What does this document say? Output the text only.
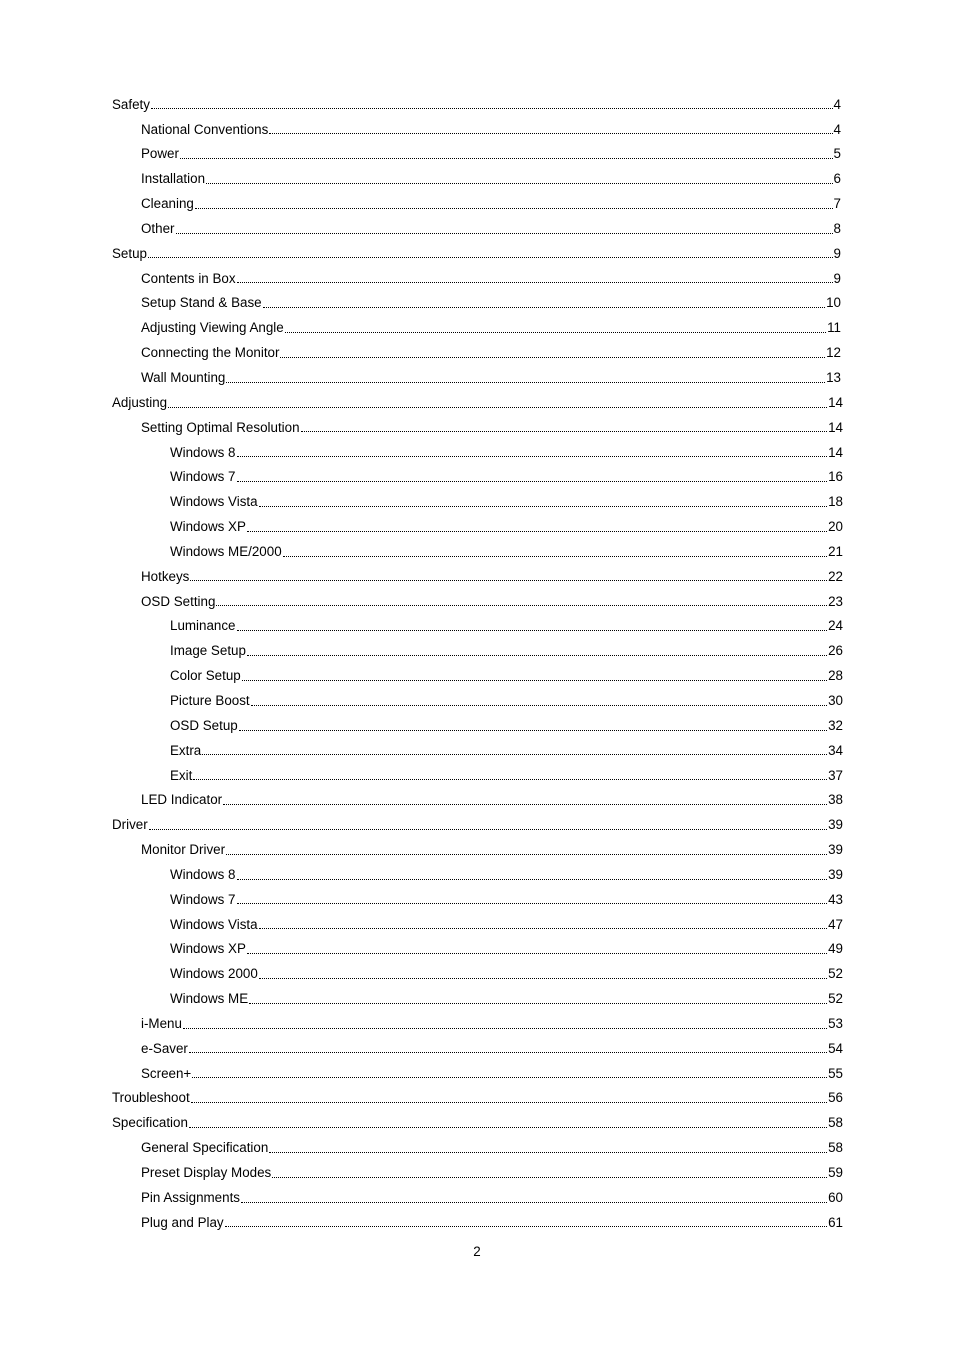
Safety	4
National Conventions	4
Power	5
Installation	6
Cleaning	7
Other	8
Setup	9
Contents in Box	9
Setup Stand & Base	10
Adjusting Viewing Angle	11
Connecting the Monitor	12
Wall Mounting	13
Adjusting	14
Setting Optimal Resolution	14
Windows 8	14
Windows 7	16
Windows Vista	18
Windows XP	20
Windows ME/2000	21
Hotkeys	22
OSD Setting	23
Luminance	24
Image Setup	26
Color Setup	28
Picture Boost	30
OSD Setup	32
Extra	34
Exit	37
LED Indicator	38
Driver	39
Monitor Driver	39
Windows 8	39
Windows 7	43
Windows Vista	47
Windows XP	49
Windows 2000	52
Windows ME	52
i-Menu	53
e-Saver	54
Screen+	55
Troubleshoot	56
Specification	58
General Specification	58
Preset Display Modes	59
Pin Assignments	60
Plug and Play	61
2
